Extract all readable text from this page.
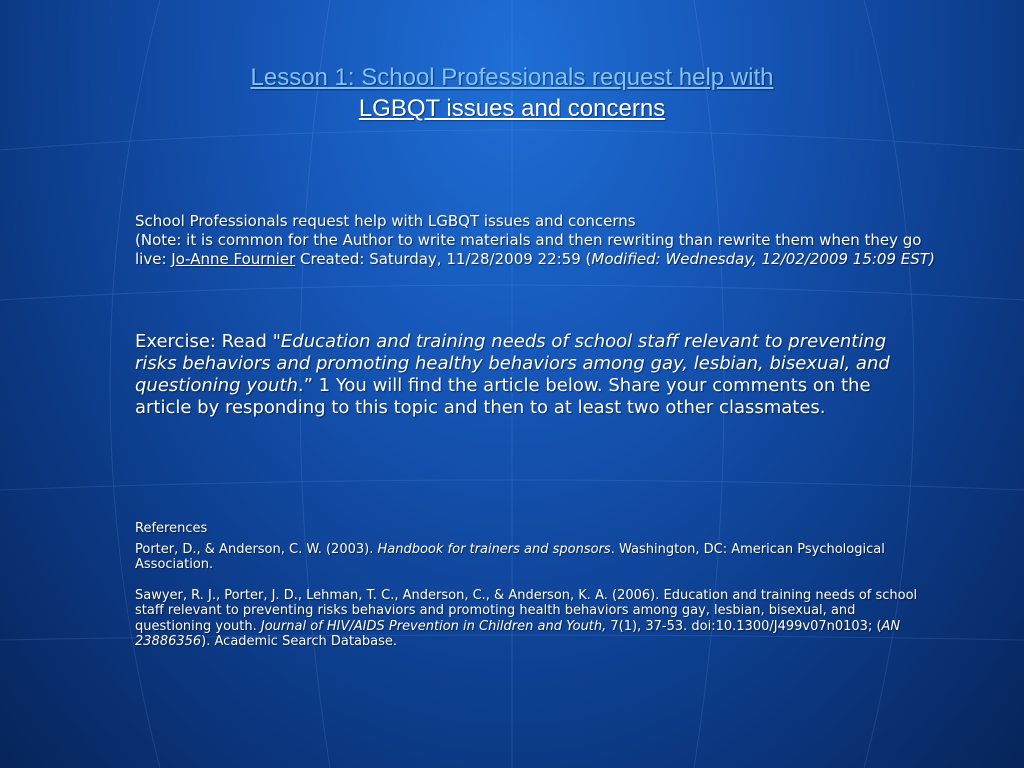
Lesson 1: School Professionals request help with
LGBQT issues and concerns
School Professionals request help with LGBQT issues and concerns
(Note: it is common for the Author to write materials and then rewriting than rewrite them when they go live: Jo-Anne Fournier Created: Saturday, 11/28/2009 22:59 (Modified: Wednesday, 12/02/2009 15:09 EST)
Exercise: Read "Education and training needs of school staff relevant to preventing risks behaviors and promoting healthy behaviors among gay, lesbian, bisexual, and questioning youth.” 1 You will find the article below. Share your comments on the article by responding to this topic and then to at least two other classmates.

References

Porter, D., & Anderson, C. W. (2003). Handbook for trainers and sponsors. Washington, DC: American Psychological Association.

Sawyer, R. J., Porter, J. D., Lehman, T. C., Anderson, C., & Anderson, K. A. (2006). Education and training needs of school staff relevant to preventing risks behaviors and promoting health behaviors among gay, lesbian, bisexual, and questioning youth. Journal of HIV/AIDS Prevention in Children and Youth, 7(1), 37-53. doi:10.1300/J499v07n0103; (AN 23886356). Academic Search Database.
